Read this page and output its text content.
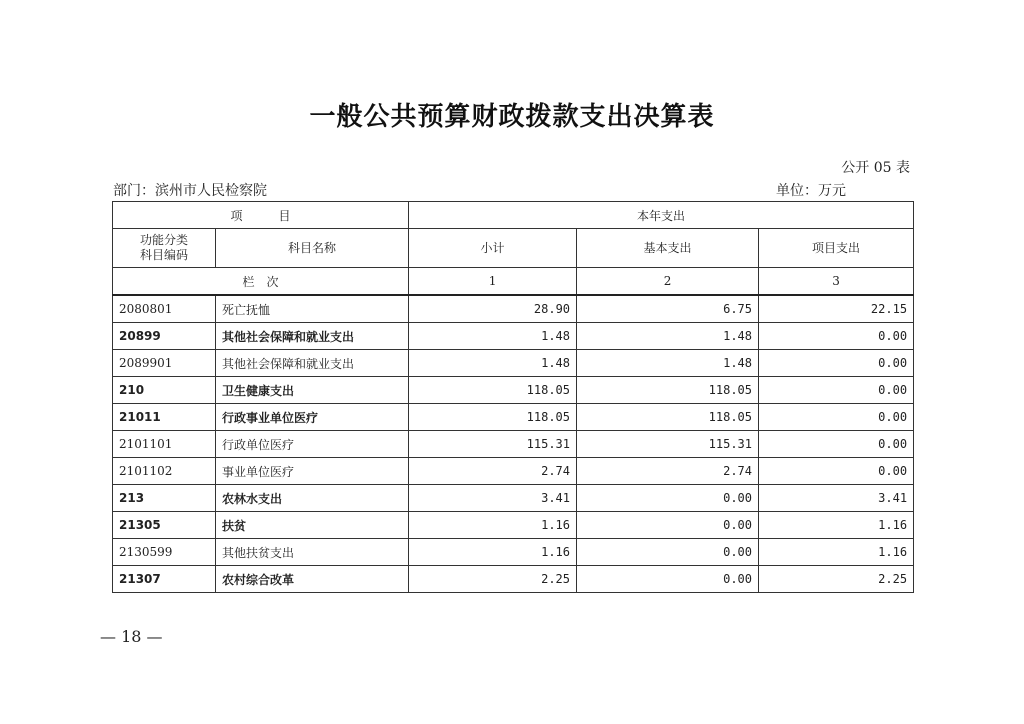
一般公共预算财政拨款支出决算表
公开 05 表
部门：滨州市人民检察院	单位：万元
项　　　目		本年支出		
功能分类
科目编码	科目名称	小计	基本支出	项目支出
栏　次		1	2	3
2080801	死亡抚恤	28.90	6.75	22.15
20899	其他社会保障和就业支出	1.48	1.48	0.00
2089901	其他社会保障和就业支出	1.48	1.48	0.00
210	卫生健康支出	118.05	118.05	0.00
21011	行政事业单位医疗	118.05	118.05	0.00
2101101	行政单位医疗	115.31	115.31	0.00
2101102	事业单位医疗	2.74	2.74	0.00
213	农林水支出	3.41	0.00	3.41
21305	扶贫	1.16	0.00	1.16
2130599	其他扶贫支出	1.16	0.00	1.16
21307	农村综合改革	2.25	0.00	2.25
— 18 —
